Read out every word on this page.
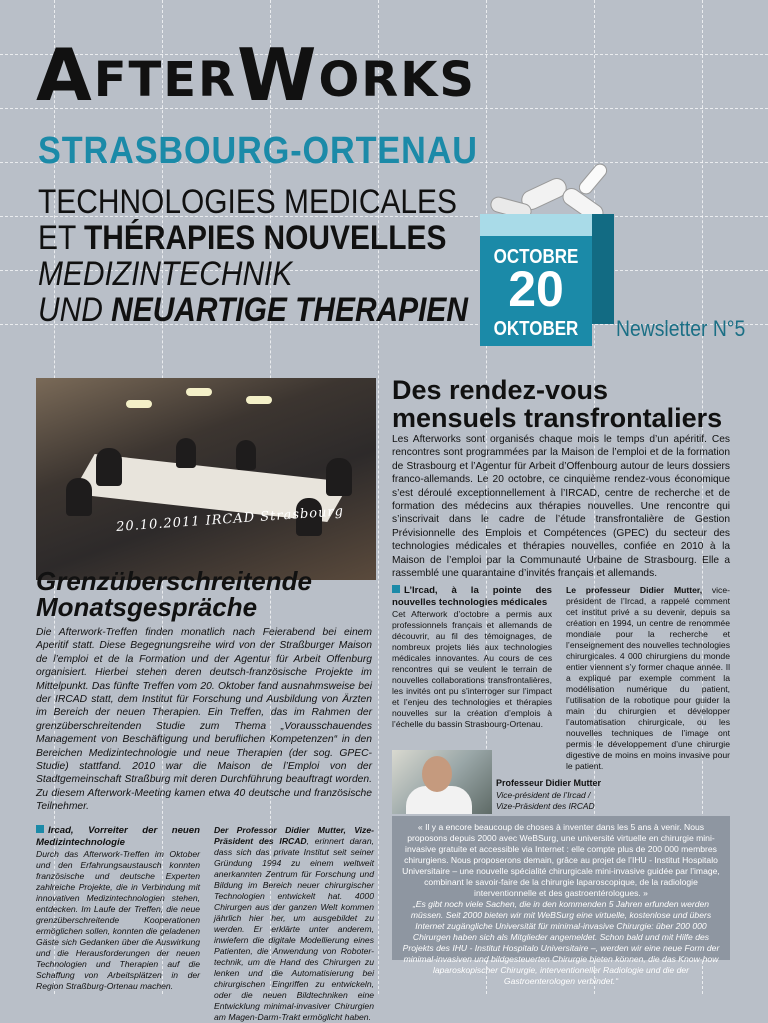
AFTERWORKS
STRASBOURG-ORTENAU
TECHNOLOGIES MEDICALES
ET THÉRAPIES NOUVELLES
MEDIZINTECHNIK
UND NEUARTIGE THERAPIEN
OCTOBRE
20
OKTOBER Newsletter N°5
20.10.2011 IRCAD Strasbourg
Des rendez-vous mensuels transfrontaliers
Les Afterworks sont organisés chaque mois le temps d’un apéritif. Ces rencontres sont programmées par la Maison de l’emploi et de la formation de Strasbourg et l’Agentur für Arbeit d’Offenbourg autour de leurs dossiers franco-allemands. Le 20 octobre, ce cinquième rendez-vous économique s’est déroulé exceptionnellement à l’IRCAD, centre de recherche et de formation des médecins aux thérapies nouvelles. Une rencontre qui s’inscrivait dans le cadre de l’étude transfrontalière de Gestion Prévisionnelle des Emplois et Compétences (GPEC) du secteur des technologies médicales et thérapies nouvelles, confiée en 2010 à la Maison de l’emploi par la Communauté Urbaine de Strasbourg. Elle a rassemblé une quarantaine d’invités français et allemands.
Grenzüberschreitende Monatsgespräche
Die Afterwork-Treffen finden monatlich nach Feierabend bei einem Aperitif statt. Diese Begegnungsreihe wird von der Straßburger Maison de l’emploi et de la Formation und der Agentur für Arbeit Offenburg organisiert. Hierbei stehen deren deutsch-französische Projekte im Mittelpunkt. Das fünfte Treffen vom 20. Oktober fand ausnahmsweise bei der IRCAD statt, dem Institut für Forschung und Ausbildung von Ärzten im Bereich der neuen Therapien. Ein Treffen, das im Rahmen der grenzüberschreitenden Studie zum Thema „Vorausschauendes Management von Beschäftigung und beruflichen Kompetenzen“ in den Bereichen Medizintechnologie und neue Therapien (der sog. GPEC-Studie) stattfand. 2010 war die Maison de l’Emploi von der Stadtgemeinschaft Straßburg mit deren Durchführung beauftragt worden. Zu diesem Afterwork-Meeting kamen etwa 40 deutsche und französische Teilnehmer.
L’Ircad, à la pointe des nouvelles technologies médicales
Cet Afterwork d’octobre a permis aux professionnels français et allemands de découvrir, au fil des témoignages, de nombreux projets liés aux technologies médicales innovantes. Au cours de ces rencontres qui se veulent le terrain de nouvelles collaborations transfrontalières, les invités ont pu s’interroger sur l’impact et l’enjeu des technologies et thérapies nouvelles sur la création d’emplois à l’échelle du bassin Strasbourg-Ortenau.
Le professeur Didier Mutter, vice-président de l’Ircad, a rappelé comment cet institut privé a su devenir, depuis sa création en 1994, un centre de renommée mondiale pour la recherche et l’enseignement des nouvelles technologies chirurgicales. 4 000 chirurgiens du monde entier viennent s’y former chaque année. Il a expliqué par exemple comment la modélisation numérique du patient, l’utilisation de la robotique pour guider la main du chirurgien et développer l’automatisation chirurgicale, ou les nouvelles techniques de l’image ont permis le développement d’une chirurgie digestive de moins en moins invasive pour le patient.
Ircad, Vorreiter der neuen Medizintechnologie
Durch das Afterwork-Treffen im Oktober und den Erfahrungsaustausch konnten französische und deutsche Experten zahlreiche Projekte, die in Verbindung mit innovativen Medizintechnologien stehen, entdecken. Im Laufe der Treffen, die neue grenzüberschreitende Kooperationen ermöglichen sollen, konnten die geladenen Gäste sich Gedanken über die Auswirkung und die Herausforderungen der neuen Technologien und Therapien auf die Schaffung von Arbeitsplätzen in der Region Straßburg-Ortenau machen.
Der Professor Didier Mutter, Vize-Präsident des IRCAD, erinnert daran, dass sich das private Institut seit seiner Gründung 1994 zu einem weltweit anerkannten Zentrum für Forschung und Bildung im Bereich neuer chirurgischer Technologien entwickelt hat. 4000 Chirurgen aus der ganzen Welt kommen jährlich hier her, um ausgebildet zu werden. Er erklärte unter anderem, inwiefern die digitale Modellierung eines Patienten, die Anwendung von Roboter-technik, um die Hand des Chirurgen zu lenken und die Automatisierung bei chirurgischen Eingriffen zu entwickeln, oder die neuen Bildtechniken eine Entwicklung minimal-invasiver Chirurgien am Magen-Darm-Trakt ermöglicht haben.
Professeur Didier Mutter
Vice-président de l’Ircad /
Vize-Präsident des IRCAD
« Il y a encore beaucoup de choses à inventer dans les 5 ans à venir. Nous proposons depuis 2000 avec WeBSurg, une université virtuelle en chirurgie mini-invasive gratuite et accessible via Internet : elle compte plus de 200 000 membres chirurgiens. Nous proposerons demain, grâce au projet de l’IHU - Institut Hospitalo Universitaire – une nouvelle spécialité chirurgicale mini-invasive guidée par l’image, combinant le savoir-faire de la chirurgie laparoscopique, de la radiologie interventionnelle et des gastroentérologues. »
„Es gibt noch viele Sachen, die in den kommenden 5 Jahren erfunden werden müssen. Seit 2000 bieten wir mit WeBSurg eine virtuelle, kostenlose und übers Internet zugängliche Universität für minimal-invasive Chirurgie: über 200 000 Chirurgen haben sich als Mitglieder angemeldet. Schon bald und mit Hilfe des Projekts des IHU - Institut Hospitalo Universitaire –, werden wir eine neue Form der minimal-invasiven und bildgesteuerten Chirurgie bieten können, die das Know-how laparoskopischer Chirurgie, interventioneller Radiologie und die der Gastroenterologen verbindet.“
